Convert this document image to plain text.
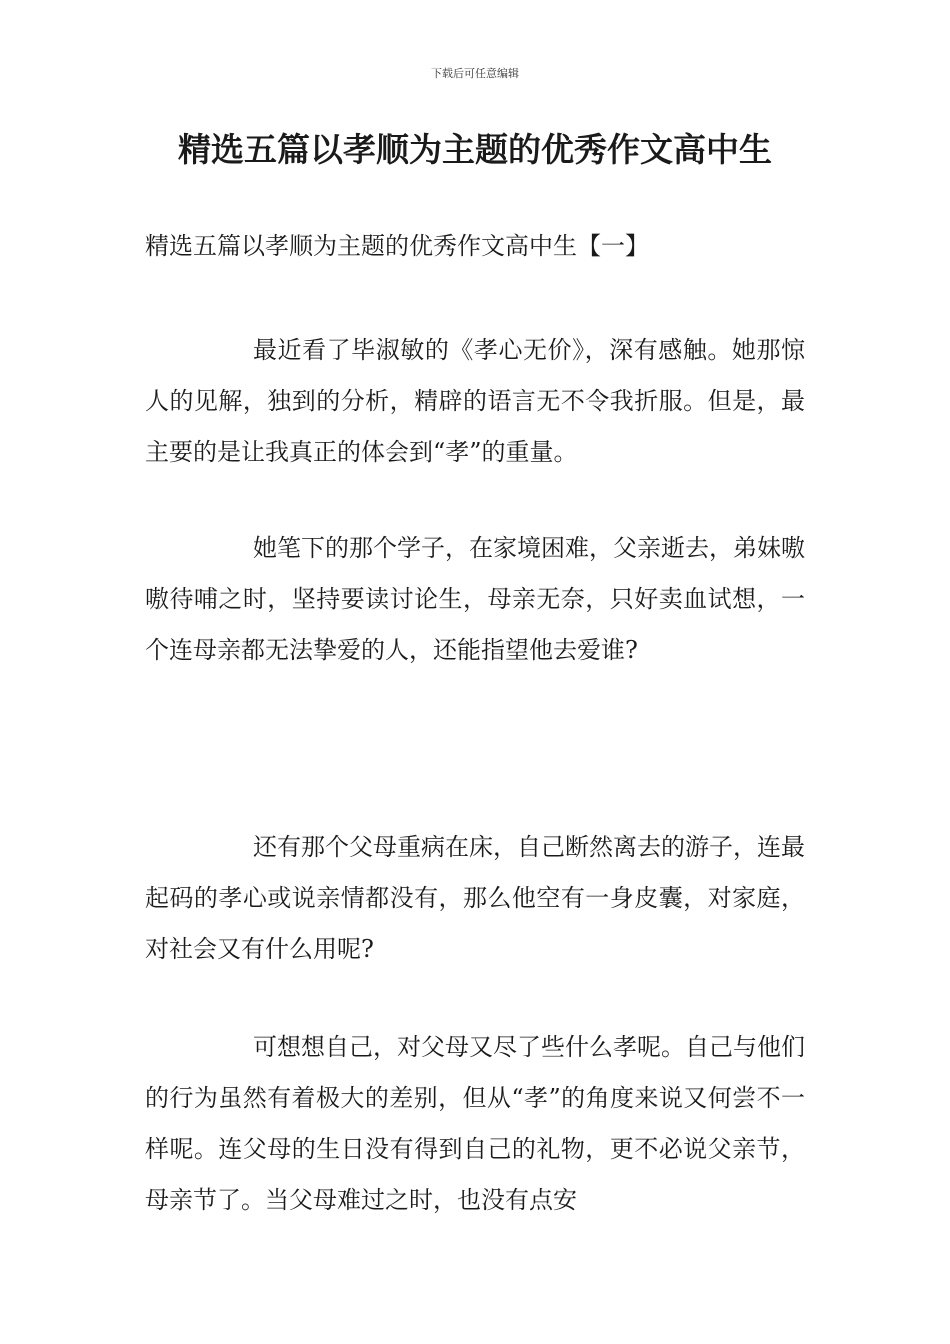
下载后可任意编辑
精选五篇以孝顺为主题的优秀作文高中生
精选五篇以孝顺为主题的优秀作文高中生【一】

最近看了毕淑敏的《孝心无价》，深有感触。她那惊人的见解，独到的分析，精辟的语言无不令我折服。但是，最主要的是让我真正的体会到“孝”的重量。

她笔下的那个学子，在家境困难，父亲逝去，弟妹嗷嗷待哺之时，坚持要读讨论生，母亲无奈，只好卖血试想，一个连母亲都无法挚爱的人，还能指望他去爱谁?

还有那个父母重病在床，自己断然离去的游子，连最起码的孝心或说亲情都没有，那么他空有一身皮囊，对家庭，对社会又有什么用呢?

可想想自己，对父母又尽了些什么孝呢。自己与他们的行为虽然有着极大的差别，但从“孝”的角度来说又何尝不一样呢。连父母的生日没有得到自己的礼物，更不必说父亲节，母亲节了。当父母难过之时，也没有点安
